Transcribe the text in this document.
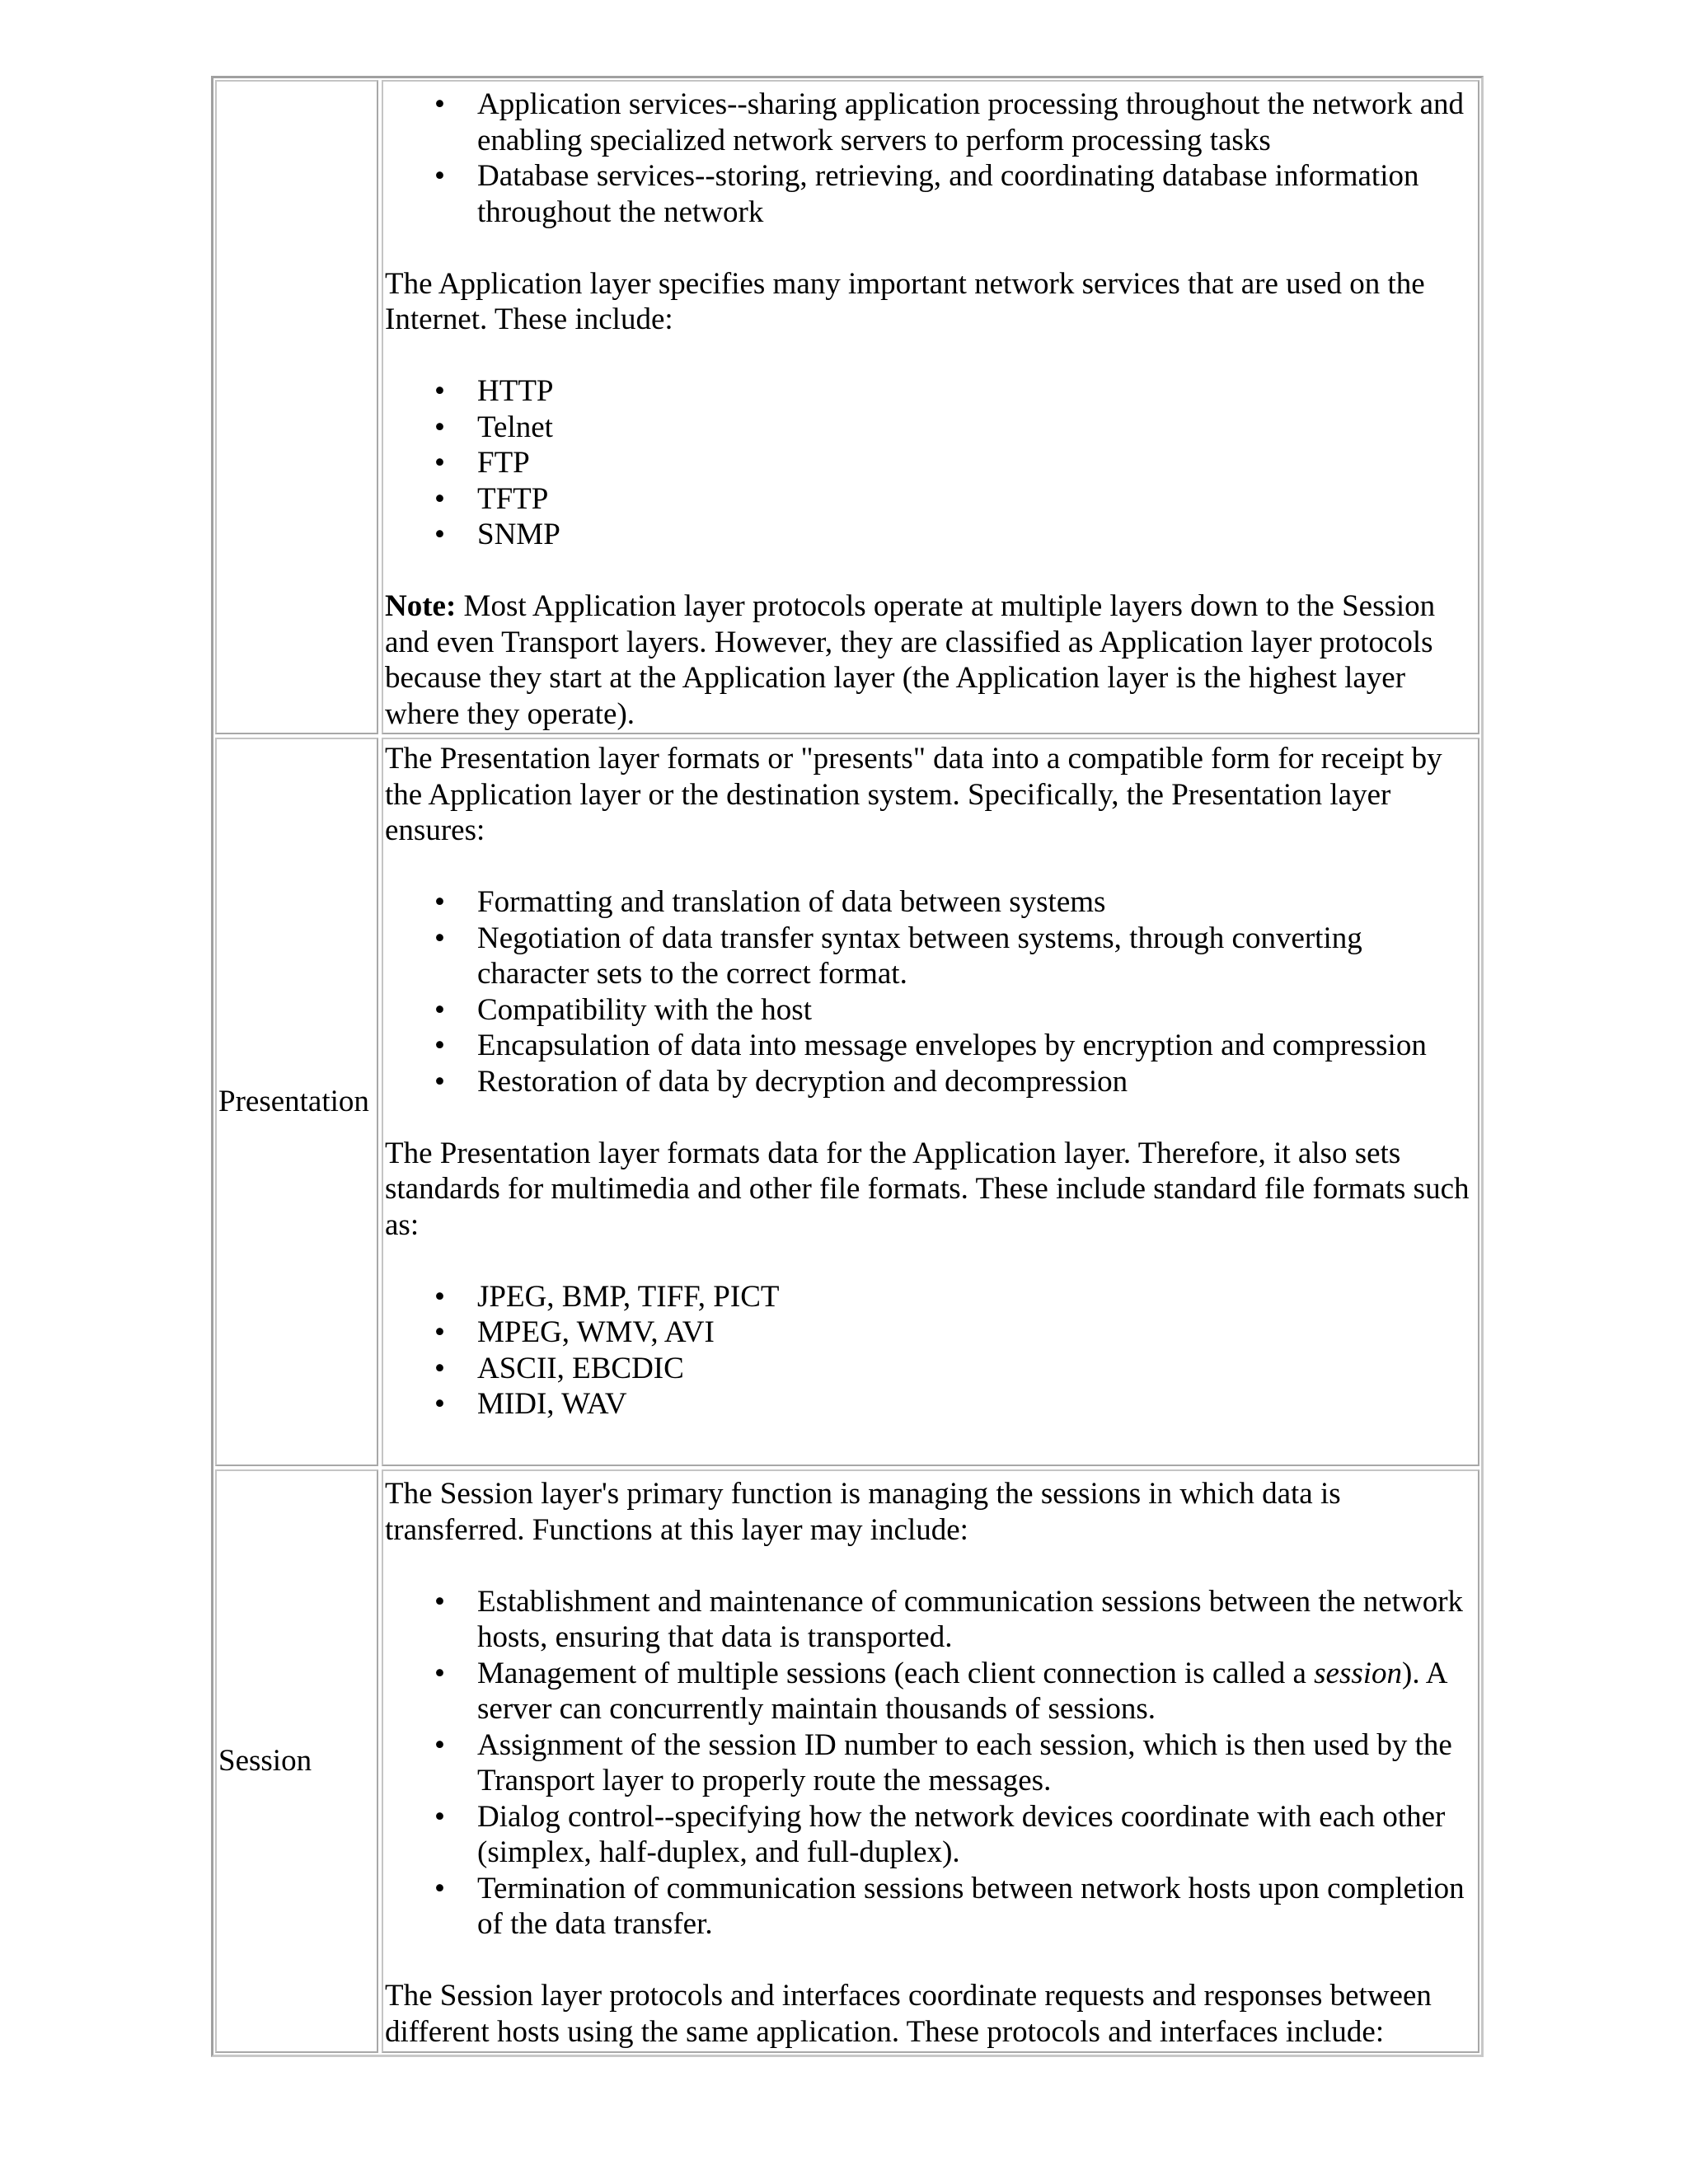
• Application services--sharing application processing throughout the network and enabling specialized network servers to perform processing tasks
• Database services--storing, retrieving, and coordinating database information throughout the network

The Application layer specifies many important network services that are used on the Internet. These include:

• HTTP
• Telnet
• FTP
• TFTP
• SNMP

Note: Most Application layer protocols operate at multiple layers down to the Session and even Transport layers. However, they are classified as Application layer protocols because they start at the Application layer (the Application layer is the highest layer where they operate).

Presentation

The Presentation layer formats or "presents" data into a compatible form for receipt by the Application layer or the destination system. Specifically, the Presentation layer ensures:

• Formatting and translation of data between systems
• Negotiation of data transfer syntax between systems, through converting character sets to the correct format.
• Compatibility with the host
• Encapsulation of data into message envelopes by encryption and compression
• Restoration of data by decryption and decompression

The Presentation layer formats data for the Application layer. Therefore, it also sets standards for multimedia and other file formats. These include standard file formats such as:

• JPEG, BMP, TIFF, PICT
• MPEG, WMV, AVI
• ASCII, EBCDIC
• MIDI, WAV
Session

The Session layer's primary function is managing the sessions in which data is transferred. Functions at this layer may include:

• Establishment and maintenance of communication sessions between the network hosts, ensuring that data is transported.
• Management of multiple sessions (each client connection is called a session). A server can concurrently maintain thousands of sessions.
• Assignment of the session ID number to each session, which is then used by the Transport layer to properly route the messages.
• Dialog control--specifying how the network devices coordinate with each other (simplex, half-duplex, and full-duplex).
• Termination of communication sessions between network hosts upon completion of the data transfer.

The Session layer protocols and interfaces coordinate requests and responses between different hosts using the same application. These protocols and interfaces include:
